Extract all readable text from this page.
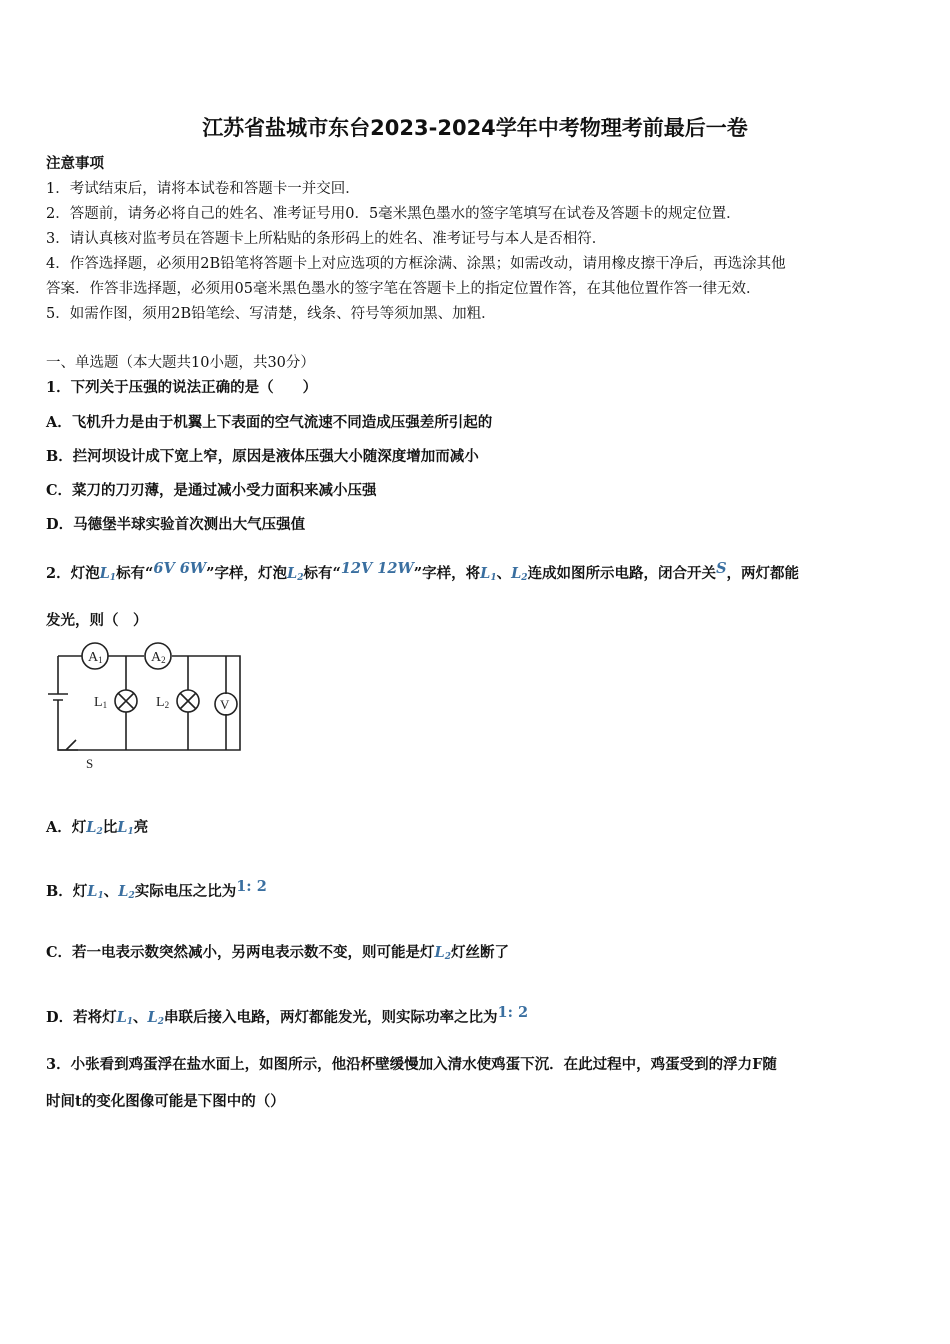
江苏省盐城市东台2023-2024学年中考物理考前最后一卷
注意事项
1．考试结束后，请将本试卷和答题卡一并交回．
2．答题前，请务必将自己的姓名、准考证号用0．5毫米黑色墨水的签字笔填写在试卷及答题卡的规定位置．
3．请认真核对监考员在答题卡上所粘贴的条形码上的姓名、准考证号与本人是否相符．
4．作答选择题，必须用2B铅笔将答题卡上对应选项的方框涂满、涂黑；如需改动，请用橡皮擦干净后，再选涂其他
答案．作答非选择题，必须用05毫米黑色墨水的签字笔在答题卡上的指定位置作答，在其他位置作答一律无效．
5．如需作图，须用2B铅笔绘、写清楚，线条、符号等须加黑、加粗．
一、单选题（本大题共10小题，共30分）
1．下列关于压强的说法正确的是（　　）
A．飞机升力是由于机翼上下表面的空气流速不同造成压强差所引起的
B．拦河坝设计成下宽上窄，原因是液体压强大小随深度增加而减小
C．菜刀的刀刃薄，是通过减小受力面积来减小压强
D．马德堡半球实验首次测出大气压强值
2．灯泡$L_1$标有“6V 6W”字样，灯泡$L_2$标有“12V 12W”字样，将$L_1$、$L_2$连成如图所示电路，闭合开关S，两灯都能
发光，则（　）
A1	A2
L1	L2	V
S
A．灯$L_2$比$L_1$亮
B．灯$L_1$、$L_2$实际电压之比为1: 2
C．若一电表示数突然减小，另两电表示数不变，则可能是灯$L_2$灯丝断了
D．若将灯$L_1$、$L_2$串联后接入电路，两灯都能发光，则实际功率之比为1: 2
3．小张看到鸡蛋浮在盐水面上，如图所示，他沿杯壁缓慢加入清水使鸡蛋下沉．在此过程中，鸡蛋受到的浮力F随
时间t的变化图像可能是下图中的（）
